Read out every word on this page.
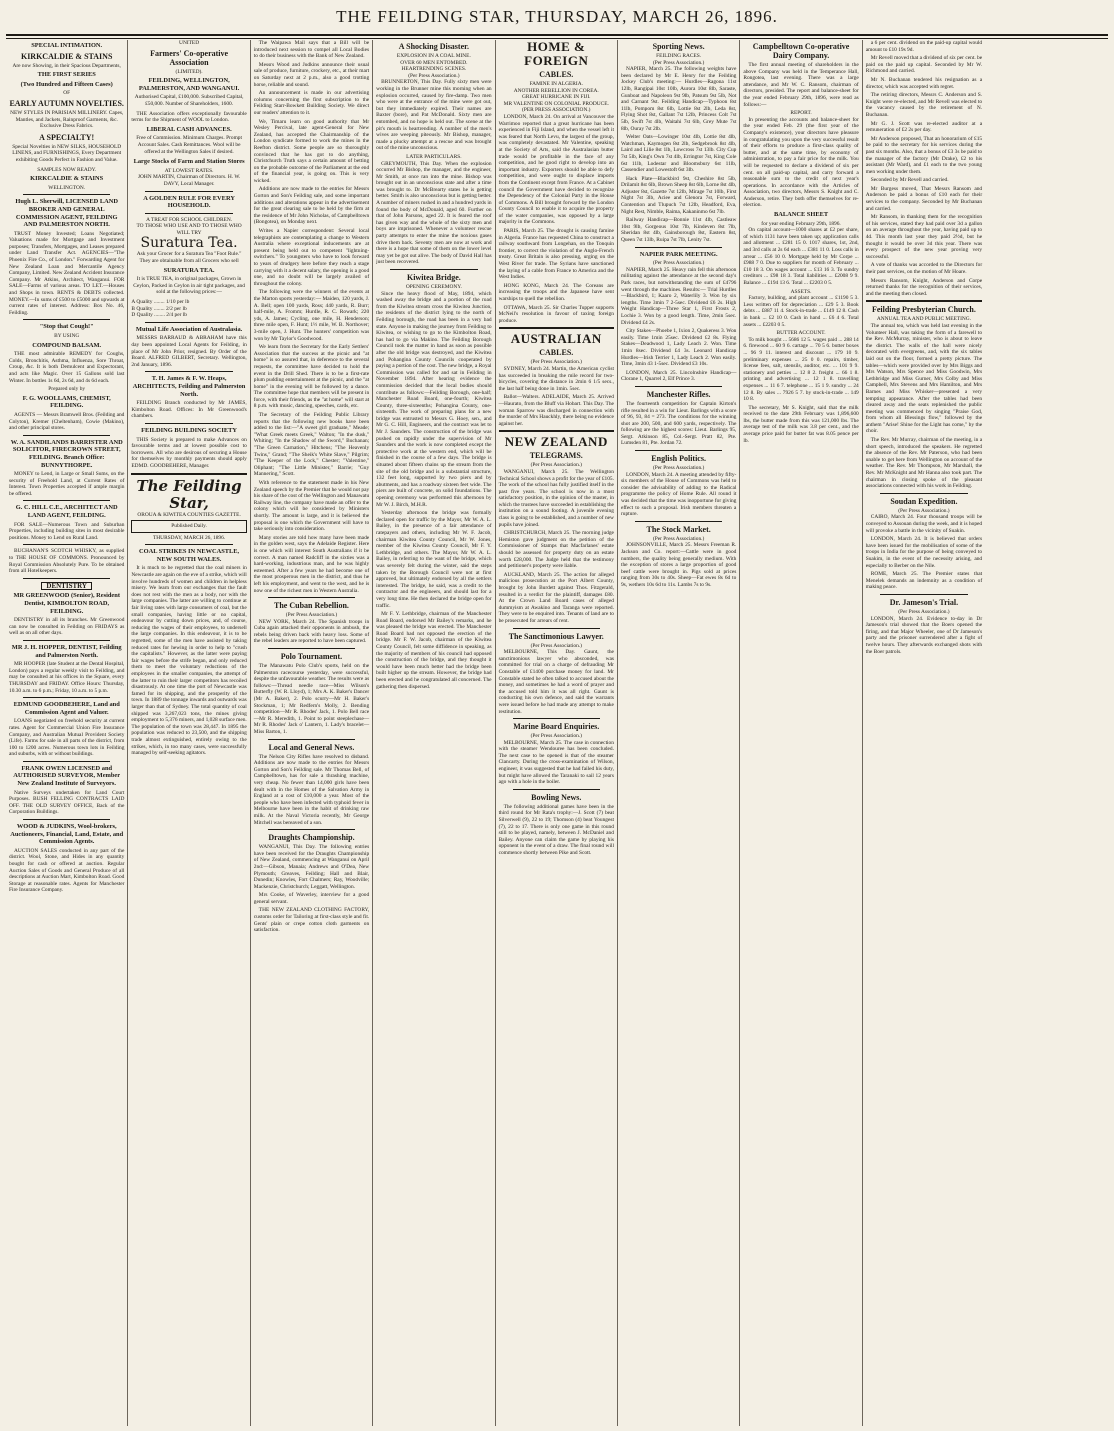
THE FEILDING STAR, THURSDAY, MARCH 26, 1896.
SPECIAL INTIMATION.
KIRKCALDIE & STAINS
Are now Showing, in their Spacious Departments,
THE FIRST SERIES
(Two Hundred and Fifteen Cases)
OF
EARLY AUTUMN NOVELTIES.
NEW STYLES IN PARISIAN MILLINERY. Capes, Mantles, and Jackets, Rainproof Garments, &c. Exclusive Dress Fabrics.
A SPECIALTY!
Special Novelties in NEW SILKS, HOUSEHOLD LINENS, and FURNISHINGS, Every Department exhibiting Goods Perfect in Fashion and Value.
SAMPLES NOW READY.
KIRKCALDIE & STAINS
WELLINGTON.
Hugh L. Sherwill, LICENSED LAND BROKER AND GENERAL COMMISSION AGENT, FEILDING AND PALMERSTON NORTH.

TRUST Money Invested; Loans Negotiated; Valuations made for Mortgage and Investment purposes; Transfers, Mortgages, and Leases prepared under Land Transfer Act. AGENCIES—"The Phoenix Fire Co., of London." Forwarding Agent for New Zealand Loan and Mercantile Agency Company, Limited. New Zealand Accident Insurance Company. Mr Atkins, Architect, Wanganui. FOR SALE—Farms of various areas. TO LET.—Houses and Shops in town. RENTS & DEBTS collected. MONEY.—In sums of £500 to £5000 and upwards at current rates of interest. Address: Box No. 46, Feilding.

"Stop that Cough!"
BY USING
COMPOUND BALSAM.

THE most admirable REMEDY for Coughs, Colds, Bronchitis, Asthma, Influenza, Sore Throat, Croup, &c. It is both Demulcent and Expectorant, and acts like Magic. Over 15 Gallons sold last Winter. In bottles 1s 6d, 2s 6d, and 4s 6d each.

Prepared only by
F. G. WOOLLAMS, CHEMIST, FEILDING.

AGENTS — Messrs Bramwell Bros. (Feilding and Colyton), Kremer (Cheltenham), Cowie (Makino), and other principal stores.

W. A. SANDILANDS BARRISTER AND SOLICITOR, FIRECROWN STREET, FEILDING. Branch Office: BUNNYTHORPE.

MONEY to Lend, in Large or Small Sums, on the security of Freehold Land, at Current Rates of Interest. Town Properties accepted if ample margin be offered.

G. C. HILL C.E., ARCHITECT AND LAND AGENT, FEILDING.

FOR SALE—Numerous Town and Suburban Properties, including building sites in most desirable positions. Money to Lend on Rural Land.

BUCHANAN'S SCOTCH WHISKY, as supplied to THE HOUSE OF COMMONS. Pronounced by Royal Commission Absolutely Pure. To be obtained from all Hotelkeepers.

DENTISTRY
MR GREENWOOD (Senior), Resident Dentist, KIMBOLTON ROAD, FEILDING.

DENTISTRY in all its branches. Mr Greenwood can now be consulted in Feilding on FRIDAYS as well as on all other days.

MR J. H. HOPPER, DENTIST, Feilding and Palmerston North.

MR HOOPER (late Student at the Dental Hospital, London) pays a regular weekly visit to Feilding, and may be consulted at his offices in the Square, every THURSDAY and FRIDAY. Office Hours: Thursday, 10.30 a.m. to 6 p.m.; Friday, 10 a.m. to 5 p.m.

EDMUND GOODBEHERE, Land and Commission Agent and Valuer.

LOANS negotiated on freehold security at current rates. Agent for Commercial Union Fire Insurance Company, and Australian Mutual Provident Society (Life). Farms for sale in all parts of the district, from 100 to 1200 acres. Numerous town lots in Feilding and suburbs, with or without buildings.

FRANK OWEN LICENSED and AUTHORISED SURVEYOR, Member New Zealand Institute of Surveyors.

Native Surveys undertaken for Land Court Purposes. BUSH FELLING CONTRACTS LAID OFF. THE OLD SURVEY OFFICE, Back of the Corporation Buildings.

WOOD & JUDKINS, Wool-brokers, Auctioneers, Financial, Land, Estate, and Commission Agents.

AUCTION SALES conducted in any part of the district. Wool, Stone, and Hides in any quantity bought for cash or offered at auction. Regular Auction Sales of Goods and General Produce of all descriptions at Auction Mart, Kimbolton Road. Good Storage at reasonable rates. Agents for Manchester Fire Insurance Company.

UNITED
Farmers' Co-operative Association
(LIMITED).
FEILDING, WELLINGTON, PALMERSTON, AND WANGANUI.
Authorised Capital, £100,000. Subscribed Capital, £50,000. Number of Shareholders, 1600.

THE Association offers exceptionally favourable terms for the Shipment of WOOL to London.

LIBERAL CASH ADVANCES.
Free of Commission. Minimum Charges. Prompt Account Sales. Cash Remittances. Wool will be offered at the Wellington Sales if desired.
Large Stocks of Farm and Station Stores
AT LOWEST RATES.
JOHN MARTIN, Chairman of Directors. H. W. DAVY, Local Manager.
A GOLDEN RULE FOR EVERY HOUSEHOLD.
A TREAT FOR SCHOOL CHILDREN.
TO THOSE WHO USE AND TO THOSE WHO WILL TRY
Suratura Tea.
Ask your Grocer for a Suratura Tea "Foot Rule."
They are obtainable from all Grocers who sell
SURATURA TEA.
It is TRUE TEA, in original packages, Grown in Ceylon, Packed in Ceylon in air tight packages, and sold at the following prices:—
A Quality ........ 1/10 per lb
B Quality ........ 2/2 per lb
D Quality ........ 2/4 per lb
Mutual Life Association of Australasia.

MESSRS BARRAUD & ABRAHAM have this day been appointed Local Agents for Feilding, in place of Mr John Prior, resigned. By Order of the Board. ALFRED GILBERT, Secretary. Wellington, 2nd January, 1896.

T. H. James & F. W. Heaps, ARCHITECTS, Feilding and Palmerston North.

FEILDING Branch conducted by Mr JAMES, Kimbolton Road. Offices: In Mr Greenwood's chambers.

FEILDING BUILDING SOCIETY

THIS Society is prepared to make Advances on favourable terms and at lowest possible cost to borrowers. All who are desirous of securing a House for themselves by monthly payments should apply EDMD. GOODBEHERE, Manager.

The Feilding Star,
OROUA & KIWITEA COUNTIES GAZETTE.
Published Daily.
THURSDAY, MARCH 26, 1896.
COAL STRIKES IN NEWCASTLE, NEW SOUTH WALES.

It is much to be regretted that the coal miners in Newcastle are again on the eve of a strike, which will involve hundreds of women and children in helpless misery. We learn from our exchanges that the fault does not rest with the men as a body, nor with the large companies. The latter are willing to continue at fair living rates with large consumers of coal, but the small companies, having little or no capital, endeavour by cutting down prices, and, of course, reducing the wages of their employees, to undersell the large companies. In this endeavour, it is to be regretted, some of the men have assisted by taking reduced rates for hewing in order to help to "crush the capitalists." However, as the latter were paying fair wages before the strife began, and only reduced them to meet the voluntary reductions of the employees in the smaller companies, the attempt of the latter to ruin their larger competitors has recoiled disastrously. At one time the port of Newcastle was famed for its shipping, and the prosperity of the town. In 1889 the tonnage inwards and outwards was larger than that of Sydney. The total quantity of coal shipped was 3,267,023 tons, the mines giving employment to 5,376 miners, and 1,028 surface men. The population of the town was 28,447. In 1895 the population was reduced to 23,500, and the shipping trade almost extinguished, entirely owing to the strikes, which, in too many cases, were successfully managed by self-seeking agitators.

The Waipawa Mail says that a Bill will be introduced next session to compel all Local Bodies to do their business with the Bank of New Zealand.

Messrs Wood and Judkins announce their usual sale of produce, furniture, crockery, etc., at their mart on Saturday next at 2 p.m., also a good trotting horse, reliable and sound.

An announcement is made in our advertising columns concerning the first subscription to the Feilding Starr-Bowkett Building Society. We direct our readers' attention to it.

We, Timaru learn on good authority that Mr Wesley Percival, late agent-General for New Zealand, has accepted the Chairmanship of the London syndicate formed to work the mines in the Reefton district. Some people are so thoroughly convinced that he has got to do anything, Christchurch Truth says a certain amount of betting on the probable outcome of the Parliament at the end of the financial year, is going on. This is very wicked.

Additions are now made to the entries for Messrs Gorton and Son's Feilding sale, and some important additions and alterations appear in the advertisement for the great clearing sale to be held by the firm at the residence of Mr John Nicholas, of Campbelltown (Bongotea), on Monday next.

Writes a Napier correspondent: Several local telegraphists are contemplating a change to Western Australia where exceptional inducements are at present being held out to competent "lightning-switchers." To youngsters who have to look forward to years of drudgery here before they reach a stage carrying with it a decent salary, the opening is a good one, and no doubt will be largely availed of throughout the colony.

The following were the winners of the events at the Marton sports yesterday:— Maiden, 120 yards, J. A. Bell; open 100 yards, Ross; 440 yards, R. Burr; half-mile, A. Fromm; Hurdle, R. C. Rowark; 220 yds, A. James; Cycling, one mile, H. Henderson; three mile open, F. Hunt; 1½ mile, W. B. Northover; 3-mile open, J. Hunt. The hunters' competition was won by Mr Taylor's Goodwood.

We learn from the Secretary for the Early Settlers' Association that the success at the picnic and "at home" is so assured that, in deference to the several requests, the committee have decided to hold the event in the Drill Shed. There is to be a first-rate plum pudding entertainment at the picnic, and the "at home" in the evening will be followed by a dance. The committee hope that members will be present in force, with their friends, as the "at home" will start at 8 p.m. with music, dancing, speeches, cards, etc.

The Secretary of the Feilding Public Library reports that the following new books have been added to the list:—"A sweet girl graduate," Meade; "What Greek meets Greek," Walton; "In the dusk," Whiting; "In the Shadow of the Sword," Buchanan; "The Green Carnation," Hitchens; "The Heavenly Twins," Grand; "The Sheik's White Slave," Pilgrim; "The Keeper of the Lock," Chester; "Valentine," Oliphant; "The Little Minister," Barrie; "Guy Mannering," Scott.

With reference to the statement made in his New Zealand speech by the Premier that he would not pay his share of the cost of the Wellington and Manawatu Railway line, the company have made an offer to the colony which will be considered by Ministers shortly. The amount is large, and it is believed the proposal is one which the Government will have to take seriously into consideration.

Many stories are told how many have been made in the golden west, says the Adelaide Register. Here is one which will interest South Australians if it be correct. A man named Radcliff in the sixties was a hard-working, industrious man, and he was highly esteemed. After a few years he had become one of the most prosperous men in the district, and thus he left his employment, and went to the west, and he is now one of the richest men in Western Australia.

The Cuban Rebellion.
(Per Press Association.)

NEW YORK, March 24. The Spanish troops in Cuba again attacked their opponents in ambush, the rebels being driven back with heavy loss. Some of the rebel leaders are reported to have been captured.

Polo Tournament.

The Manawatu Polo Club's sports, held on the Palmerston racecourse yesterday, were successful, despite the unfavourable weather. The results were as follows:—Thread needle race—Miss Wilson's Butterfly (W. R. Lloyd), 1; Mrs A. K. Baker's Dancer (Mr A. Baker), 2. Polo scurry—Mr H. Baker's Stockman, 1; Mr Redfern's Molly, 2. Bending competition—Mr R. Rhodes' Jack, 1. Polo Bell race—Mr R. Meredith, 1. Point to point steeplechase—Mr R. Rhodes' Jack o' Lantern, 1. Lady's bracelet—Miss Barton, 1.

Local and General News.

The Nelson City Rifles have resolved to disband. Additions are now made to the entries for Messrs Gorton and Son's Feilding sale. Mr Thomas Bell, of Campbelltown, has for sale a thrashing machine, very cheap. No fewer than 14,000 girls have been dealt with in the Homes of the Salvation Army in England at a cost of £10,000 a year. Most of the people who have been infected with typhoid fever in Melbourne have been in the habit of drinking raw milk. At the Naval Victoria recently, Mr George Mitchell was bereaved of a son.

Draughts Championship.

WANGANUI, This Day. The following entries have been received for the Draughts Championship of New Zealand, commencing at Wanganui on April 2nd:—Gibson, Manaia; Andrews and O'Dea, New Plymouth; Greaves, Feilding; Hall and Blair, Dunedin; Knowles, Fort Chalmers; Ray, Woodville; Mackenzie, Christchurch; Leggatt, Wellington.

Mrs Cooke, of Waverley, interview for a good general servant.

THE NEW ZEALAND CLOTHING FACTORY, customs order for Tailoring at first-class style and fit. Gents' plain or crepe cotton cloth garments on satisfaction.

A Shocking Disaster.
EXPLOSION IN A COAL MINE.
OVER 60 MEN ENTOMBED.
HEARTRENDING SCENES.
(Per Press Association.)

BRUNNERTON, This Day. Fully sixty men were working in the Brunner mine this morning when an explosion occurred, caused by fire-damp. Two men who were at the entrance of the mine were got out, but they immediately expired. Their names are Baxter (bore), and Pat McDonald. Sixty men are entombed, and no hope is held out. The scene at the pit's mouth is heartrending. A number of the men's wives are weeping piteously. Mr Bishop, manager, made a plucky attempt at a rescue and was brought out of the mine unconscious.

LATER PARTICULARS.

GREYMOUTH, This Day. When the explosion occurred Mr Bishop, the manager, and the engineer, Mr Smith, at once ran into the mine. Bishop was brought out in an unconscious state and after a time was brought to. Dr McBrearty states he is getting better. Smith is also unconscious but is getting better. A number of miners rushed in and a hundred yards in found the body of McDonald, aged 60. Further on that of John Parsons, aged 22. It is feared the roof has given way and the whole of the sixty men and boys are imprisoned. Whenever a volunteer rescue party attempts to enter the mine the noxious gases drive them back. Seventy men are now at work and there is a hope that some of them on the lower level may yet be got out alive. The body of David Hall has just been recovered.

Kiwitea Bridge.
OPENING CEREMONY.

Since the heavy flood of May, 1894, which washed away the bridge and a portion of the road from the Kiwitea stream cross the Kiwitea Junction, the residents of the district lying to the north of Feilding borough, the road has been in a very bad state. Anyone in making the journey from Feilding to Kiwitea, or wishing to go to the Kimbolton Road, has had to go via Makino. The Feilding Borough Council took the matter in hand as soon as possible after the old bridge was destroyed, and the Kiwitea and Pohangina County Councils cooperated by paying a portion of the cost. The new bridge, a Royal Commission was called for and sat in Feilding in November 1894. After hearing evidence the commission decided that the local bodies should contribute as follows:—Feilding Borough, one-half; Manchester Road Board, one-fourth; Kiwitea County, three-sixteenths; Pohangina County, one-sixteenth. The work of preparing plans for a new bridge was entrusted to Messrs G. Hoey, sen., and Mr G. C. Hill, Engineers, and the contract was let to Mr J. Saunders. The construction of the bridge was pushed on rapidly under the supervision of Mr Saunders and the work is now completed except the protective work at the western end, which will be finished in the course of a few days. The bridge is situated about fifteen chains up the stream from the site of the old bridge and is a substantial structure, 132 feet long, supported by two piers and by abutments, and has a roadway sixteen feet wide. The piers are built of concrete, on solid foundations. The opening ceremony was performed this afternoon by Mr W. J. Birch, M.H.R.

Yesterday afternoon the bridge was formally declared open for traffic by the Mayor, Mr W. A. L. Bailey, in the presence of a fair attendance of ratepayers and others, including Mr W. F. Jacob, chairman Kiwitea County Council, Mr W. Jones, member of the Kiwitea County Council, Mr F. Y. Lethbridge, and others. The Mayor, Mr W. A. L. Bailey, in referring to the want of the bridge, which was severely felt during the winter, said the steps taken by the Borough Council were not at first approved, but ultimately endorsed by all the settlers interested. The bridge, he said, was a credit to the contractor and the engineers, and should last for a very long time. He then declared the bridge open for traffic.

Mr F. Y. Lethbridge, chairman of the Manchester Road Board, endorsed Mr Bailey's remarks, and he was pleased the bridge was erected. The Manchester Road Board had not opposed the erection of the bridge. Mr F. W. Jacob, chairman of the Kiwitea County Council, felt some diffidence in speaking, as the majority of members of his council had opposed the construction of the bridge, and they thought it would have been much better had the bridge been built higher up the stream. However, the bridge had been erected and he congratulated all concerned. The gathering then dispersed.

HOME & FOREIGN
CABLES.
FAMINE IN ALGERIA.
ANOTHER REBELLION IN COREA.
GREAT HURRICANE IN FIJI.
MR VALENTINE ON COLONIAL PRODUCE.
(PER PRESS ASSOCIATION.)

LONDON, March 24. On arrival at Vancouver the Warrimoo reported that a great hurricane has been experienced in Fiji Island, and when the vessel left it was feared that North Levu, the largest of the group, was completely devastated. Mr Valentine, speaking at the Society of Arts, said the Australasian butter trade would be profitable in the face of any competition, and he good right to develop into an important industry. Exporters should be able to defy competition, and were ought to displace imports from the Continent except from France. At a Cabinet council the Government have decided to recognize the Dependency of the Colonial Party in the House of Commons. A Bill brought forward by the London County Council to enable it to acquire the property of the water companies, was opposed by a large majority in the Commons.

PARIS, March 25. The drought is causing famine in Algeria. France has requested China to construct a railway southward from Longehan, on the Tonquin frontier, to correct the violation of the Anglo-French treaty. Great Britain is also pressing, urging on the West River for trade. The Syrians have sanctioned the laying of a cable from France to America and the West Indies.

HONG KONG, March 24. The Coreans are increasing the troops and the Japanese have sent warships to quell the rebellion.

OTTAWA, March 25. Sir Charles Tupper supports McNeil's resolution in favour of taxing foreign produce.

AUSTRALIAN
CABLES.
(Per Press Association.)

SYDNEY, March 24. Martin, the American cyclist has succeeded in breaking the mile record for two-bicycles, covering the distance in 2min 6 1/5 secs., the last half being done in 1min. 5sec.

Ballot—Walters. ADELAIDE, March 25. Arrived—Haurato, from the Bluff via Hobart. This Day. The woman Sparrow was discharged in connection with the murder of Mrs Hauckhly, there being no evidence against her.

NEW ZEALAND
TELEGRAMS.
(Per Press Association.)

WANGANUI, March 25. The Wellington Technical School shows a profit for the year of £105. The work of the school has fully justified itself in the past five years. The school is now in a most satisfactory position, in the opinion of the master, in which the trustees have succeeded in establishing the institution on a sound footing. A juvenile evening class is going to be established, and a number of new pupils have joined.

CHRISTCHURCH, March 25. The morning judge Hemiston gave judgment on the petition of the Commissioner of Stamps that Macfarlanes' estate should be assessed for property duty on an estate worth £28,000. The Judge held that the testimony and petitioner's property were liable.

AUCKLAND, March 25. The action for alleged malicious prosecution at the Port Albert County, brought by John Burdett against Thos. Fitzgerald, resulted in a verdict for the plaintiff, damages £80. At the Crown Land Board cases of alleged dummyism at Awakino and Taranga were reported. They were to be enquired into. Tenants of land are to be prosecuted for arrears of rent.

The Sanctimonious Lawyer.
(Per Press Association.)

MELBOURNE, This Day. Gaunt, the sanctimonious lawyer who absconded, was committed for trial on a charge of defrauding Mr Constable of £1400 purchase money for land. Mr Constable stated he often talked to accused about the money, and sometimes he had a word of prayer and the accused told him it was all right. Gaunt is conducting his own defence, and said the warrants were issued before he had made any attempt to make restitution.

Marine Board Enquiries.
(Per Press Association.)

MELBOURNE, March 25. The case in connection with the steamer Wendouree has been concluded. The next case to be opened is that of the steamer Clancarty. During the cross-examination of Wilson, engineer, it was suggested that he had failed his duty, but might have allowed the Taranaki to sail 12 years ago with a hole in the boiler.

Bowling News.

The following additional games have been in the third round for Mr Rata's trophy:—J. Scott (7) beat Silverwell (9), 22 to 19; Thomson (4) beat Youngest (7), 22 to 17. There is only one game in this round still to be played, namely, between J. McDaniel and Bailey. Anyone can claim the game by playing his opponent in the event of a draw. The final round will commence shortly between Pike and Scott.

Sporting News.
FEILDING RACES.
(Per Press Association.)

NAPIER, March 25. The following weights have been declared by Mr E. Henry for the Feilding Jockey Club's meeting:— Hurdles—Ragona 11st 12lb, Rangipai 10st 10lb, Aurora 10st 8lb, Saraste, Gunboat and Napoleon 9st 9lb, Patsum 9st 5lb, Not and Carnant 9st. Feilding Handicap—Typhoon 8st 11lb, Pompom 8st 6lb, Lottie 8st 2lb, Leda 8st, Flying Shot 8st, Gallant 7st 12lb, Princess Colt 7st 5lb, Swift 7st 4lb, Waitahi 7st 6lb, Grey Mute 7st 8lb, Ouray 7st 2lb.

Welter Oats—Lowinger 10st 4lb, Lottie 8st 4lb, Watchman, Kaymogen 8st 2lb, Sedgebrook 8st 4lb, Laird and Lilie 8st 1lb, Lowcross 7st 13lb. City Cup 7st 5lb, King's Own 7st 4lb, Erringtor 7st, King Cole 6st 11lb, Lodestar and Bloomsbury 6st 11lb, Cassendier and Lowestoft 6st 3lb.

Hack Plate—Blackbird 9st, Cheshire 8st 5lb, Drilamit 8st 6lb, Brown Sheep 8st 6lb, Lorne 8st 4lb, Adjuster 8st, Gazette 7st 12lb, Mirage 7st 10lb, First Night 7st 3lb, Aciee and Glenora 7st, Forward, Contention and Tlupuch 7st 12lb, Headford, Eva, Night Rest, Nimble, Raima, Kakaninmo 6st 7lb.

Railway Handicap—Bonnie 11st 4lb, Castleaw 10st 9lb, Gorgeous 10st 7lb, Kindeven 8st 7lb, Sheridan 8st 4lb, Gainsborough 8st, Eastern 8st, Queen 7st 13lb, Ruipa 7st 7lb, Lenity 7st.

NAPIER PARK MEETING.
(Per Press Association.)

NAPIER, March 25. Heavy rain fell this afternoon militating against the attendance at the second day's Park races, but notwithstanding the sum of £4796 went through the machines. Results:— Trial Hurdles—Blackbird, 1; Kaaro 2, Waterlily 3. Won by six lengths. Time 3min 7 2-5sec. Dividend £6 2s. High Weight Handicap—Three Star 1, First Frosts 2, Lochie 3. Won by a good length. Time, 2min 5sec. Dividend £4 2s.

City Stakes—Phoebe 1, Ixion 2, Quakeress 3. Won easily. Time 1min 25sec. Dividend £2 8s. Flying Stakes—Deadwood 1, Lady Leach 2. Won. Time 1min 8sec. Dividend £4 3s. Leonard Handicap Hurdles—Irish Terrier 1, Lady Leach 2. Won easily. Time, 3min 43 1-5sec. Dividend £3 10s.

LONDON, March 25. Lincolnshire Handicap—Clorane 1, Quarrel 2, Elf Prince 3.

Manchester Rifles.

The fourteenth competition for Captain Kirton's rifle resulted in a win for Lieut. Barlings with a score of 96, 93, 84 = 273. The conditions for the winning shot are 200, 500, and 600 yards, respectively. The following are the highest scores: Lieut. Barlings 95, Sergt. Atkinson 85, Col.-Sergt. Pratt 82, Pte. Lumsden 81, Pte. Jordan 72.

English Politics.
(Per Press Association.)

LONDON, March 24. A meeting attended by fifty-six members of the House of Commons was held to consider the advisability of adding to the Radical programme the policy of Home Rule. All round it was decided that the time was inopportune for giving effect to such a proposal. Irish members threaten a rupture.

The Stock Market.
(Per Press Association.)

JOHNSONVILLE, March 25. Messrs Freeman R. Jackson and Co. report:—Cattle were in good numbers, the quality being generally medium. With the exception of stores a large proportion of good beef cattle were brought in. Pigs sold at prices ranging from 30s to 40s. Sheep—Fat ewes 8s 6d to 9s, wethers 10s 6d to 11s. Lambs 7s to 9s.

Campbelltown Co-operative Dairy Company.

The first annual meeting of shareholders in the above Company was held in the Temperance Hall, Rongotea, last evening. There was a large attendance, and Mr W. C. Ransom, chairman of directors, presided. The report and balance-sheet for the year ended February 29th, 1896, were read as follows:—

REPORT.

In presenting the accounts and balance-sheet for the year ended Feb. 29 (the first year of the Company's existence), your directors have pleasure in congratulating you upon the very successful result of their efforts to produce a first-class quality of butter, and at the same time, by economy of administration, to pay a fair price for the milk. You will be requested to declare a dividend of six per cent. on all paid-up capital, and carry forward a reasonable sum to the credit of next year's operations. In accordance with the Articles of Association, two directors, Messrs S. Knight and C. Anderson, retire. They both offer themselves for re-election.

BALANCE SHEET
for year ending February 29th, 1896.

On capital account—1000 shares at £2 per share, of which 1131 have been taken up; application calls and allotment ... £281 15 0. 1017 shares, 1st, 2nd, and 3rd calls at 2s 6d each ... £381 11 0. Loss calls in arrear ... £56 10 0. Mortgage held by Mr Corpe ... £988 7 0. Due to suppliers for month of February ... £10 18 3. On wages account ... £13 16 3. To sundry creditors ... £98 18 3. Total liabilities ... £2008 9 9. Balance ... £194 13 6. Total ... £2203 0 5.

ASSETS.

Factory, building, and plant account ... £1190 5 3. Less written off for depreciation ... £29 5 3. Book debts ... £887 11 4. Stock-in-trade ... £149 12 8. Cash in bank ... £2 10 0. Cash in hand ... £6 4 6. Total assets ... £2203 0 5.

BUTTER ACCOUNT.

To milk bought ... 5686 12 5. wages paid ... 288 14 6. firewood ... 60 9 6. cartage ... 70 5 6. butter boxes ... 96 9 11. interest and discount ... 179 10 9. preliminary expenses ... 25 0 0. repairs, timber, license fees, salt, utensils, auditor, etc. ... 101 9 9. stationery and petties ... 12 8 2. freight ... 66 1 8. printing and advertising ... 12 1 8. travelling expenses ... 11 6 7. telephone ... 15 1 9. sundry ... 24 12 8. By sales ... 7926 5 7. by stock-in-trade ... 149 10 8.

The secretary, Mr S. Knight, said that the milk received to the date 29th February was 1,896,600 lbs, the butter made from this was 121,000 lbs. The average test of the milk was 3.8 per cent., and the average price paid for butter fat was 8.05 pence per lb.

a 6 per cent. dividend on the paid-up capital would amount to £10 19s 9d.

Mr Revell moved that a dividend of six per cent. be paid on the paid up capital. Seconded by Mr W. Richmond and carried.

Mr N. Buchanan tendered his resignation as a director, which was accepted with regret.

The retiring directors, Messrs C. Anderson and S. Knight were re-elected, and Mr Revell was elected to the vacancy caused by the retirement of N. Buchanan.

Mr G. J. Scott was re-elected auditor at a remuneration of £2 2s per day.

Mr Anderson proposed, That an honorarium of £15 be paid to the secretary for his services during the past six months. Also, that a bonus of £3 3s be paid to the manager of the factory (Mr Drake), £2 to his assistant (Mr Ward), and £1 each to the two young men working under them.

Seconded by Mr Revell and carried.

Mr Burgess moved, That Messrs Ransom and Anderson be paid a bonus of £10 each for their services to the company. Seconded by Mr Buchanan and carried.

Mr Ransom, in thanking them for the recognition of his services, stated they had paid over 3d a gallon on an average throughout the year, having paid up to 4d. This month last year they paid 2½d, but he thought it would be over 3d this year. There was every prospect of the new year proving very successful.

A vote of thanks was accorded to the Directors for their past services, on the motion of Mr Hoare.

Messrs Ransom, Knight, Anderson and Corpe returned thanks for the recognition of their services, and the meeting then closed.

Feilding Presbyterian Church.
ANNUAL TEA AND PUBLIC MEETING.

The annual tea, which was held last evening in the Volunteer Hall, was taking the form of a farewell to the Rev. McMurray, minister, who is about to leave the district. The walls of the hall were nicely decorated with evergreens, and, with the six tables laid out on the floor, formed a pretty picture. The tables—which were provided over by Mrs Biggs and Mrs Watson, Mrs Spence and Miss Goodwin, Mrs Lethbridge and Miss Gurner, Mrs Colby and Miss Campbell, Mrs Stevens and Mrs Hamilton, and Mrs Barnes and Miss Whisker—presented a very tempting appearance. After the tables had been cleared away and the seats replenished the public meeting was commenced by singing "Praise God, from whom all Blessings flow," followed by the anthem "Arise! Shine for the Light has come," by the choir.

The Rev. Mr Murray, chairman of the meeting, in a short speech, introduced the speakers. He regretted the absence of the Rev. Mr Paterson, who had been unable to get here from Wellington on account of the weather. The Rev. Mr Thompson, Mr Marshall, the Rev. Mr McKnight and Mr Hanna also took part. The chairman in closing spoke of the pleasant associations connected with his work in Feilding.

Soudan Expedition.
(Per Press Association.)

CAIRO, March 24. Four thousand troops will be conveyed to Assouan during the week, and it is hoped will provoke a battle in the vicinity of Suakin.

LONDON, March 24. It is believed that orders have been issued for the mobilisation of some of the troops in India for the purpose of being conveyed to Suakim, in the event of the necessity arising, and especially to Berber on the Nile.

ROME, March 25. The Premier states that Menelek demands an indemnity as a condition of making peace.

Dr. Jameson's Trial.
(Per Press Association.)

LONDON, March 24. Evidence to-day in Dr Jameson's trial showed that the Boers opened the firing, and that Major Wheeler, one of Dr Jameson's party and the prisoner surrendered after a fight of twelve hours. They afterwards exchanged shots with the Boer patrols.
